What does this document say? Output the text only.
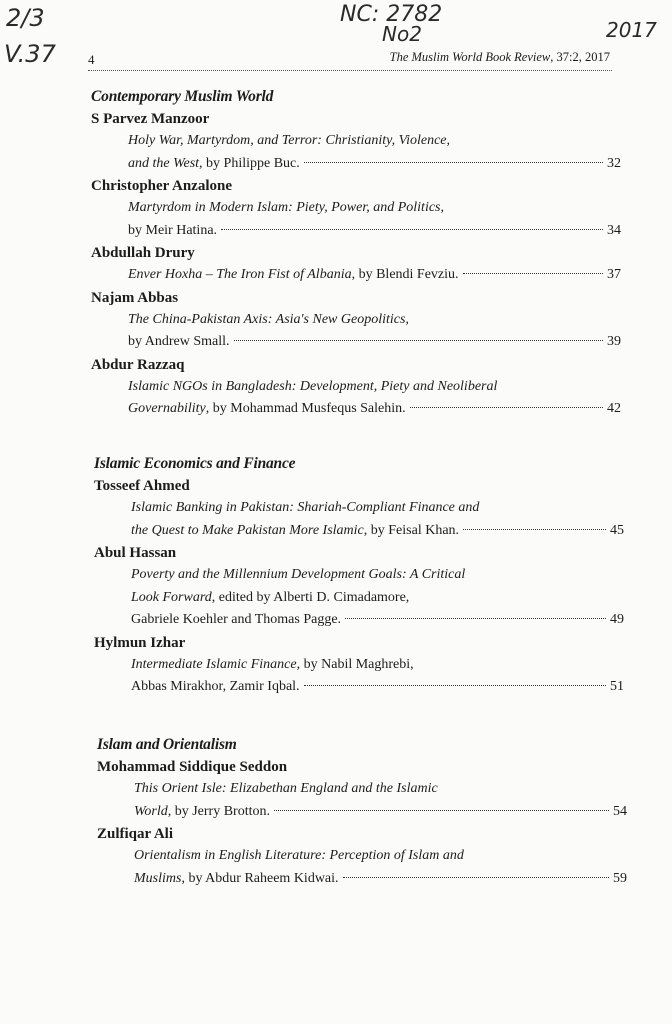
2/3
V.37
NC: 2782
No2	2017
4	The Muslim World Book Review, 37:2, 2017
Contemporary Muslim World
S Parvez Manzoor
Holy War, Martyrdom, and Terror: Christianity, Violence,
and the West, by Philippe Buc.	32
Christopher Anzalone
Martyrdom in Modern Islam: Piety, Power, and Politics,
by Meir Hatina.	34
Abdullah Drury
Enver Hoxha – The Iron Fist of Albania, by Blendi Fevziu.	37
Najam Abbas
The China-Pakistan Axis: Asia's New Geopolitics,
by Andrew Small.	39
Abdur Razzaq
Islamic NGOs in Bangladesh: Development, Piety and Neoliberal
Governability, by Mohammad Musfequs Salehin.	42
Islamic Economics and Finance
Tosseef Ahmed
Islamic Banking in Pakistan: Shariah-Compliant Finance and
the Quest to Make Pakistan More Islamic, by Feisal Khan.	45
Abul Hassan
Poverty and the Millennium Development Goals: A Critical
Look Forward, edited by Alberti D. Cimadamore,
Gabriele Koehler and Thomas Pagge.	49
Hylmun Izhar
Intermediate Islamic Finance, by Nabil Maghrebi,
Abbas Mirakhor, Zamir Iqbal.	51
Islam and Orientalism
Mohammad Siddique Seddon
This Orient Isle: Elizabethan England and the Islamic
World, by Jerry Brotton.	54
Zulfiqar Ali
Orientalism in English Literature: Perception of Islam and
Muslims, by Abdur Raheem Kidwai.	59
